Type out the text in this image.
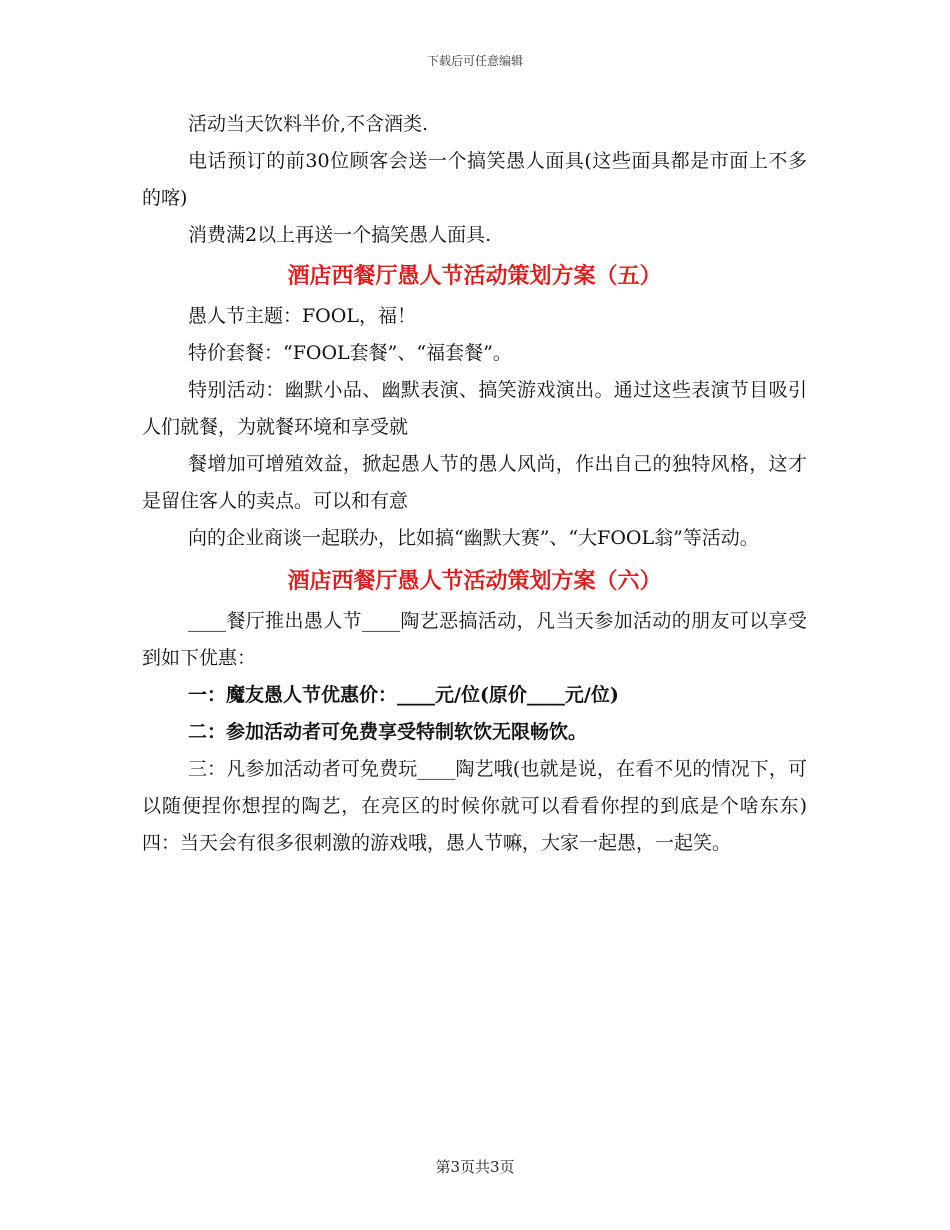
下载后可任意编辑

活动当天饮料半价,不含酒类.

电话预订的前30位顾客会送一个搞笑愚人面具(这些面具都是市面上不多的喀)

消费满2以上再送一个搞笑愚人面具.

酒店西餐厅愚人节活动策划方案（五）

愚人节主题：FOOL，福！

特价套餐：“FOOL套餐”、“福套餐”。

特别活动：幽默小品、幽默表演、搞笑游戏演出。通过这些表演节目吸引人们就餐，为就餐环境和享受就

餐增加可增殖效益，掀起愚人节的愚人风尚，作出自己的独特风格，这才是留住客人的卖点。可以和有意

向的企业商谈一起联办，比如搞“幽默大赛”、“大FOOL翁”等活动。

酒店西餐厅愚人节活动策划方案（六）

____餐厅推出愚人节____陶艺恶搞活动，凡当天参加活动的朋友可以享受到如下优惠：

一：魔友愚人节优惠价：____元/位(原价____元/位)

二：参加活动者可免费享受特制软饮无限畅饮。

三：凡参加活动者可免费玩____陶艺哦(也就是说，在看不见的情况下，可以随便捏你想捏的陶艺，在亮区的时候你就可以看看你捏的到底是个啥东东)四：当天会有很多很刺激的游戏哦，愚人节嘛，大家一起愚，一起笑。

第3页共3页
